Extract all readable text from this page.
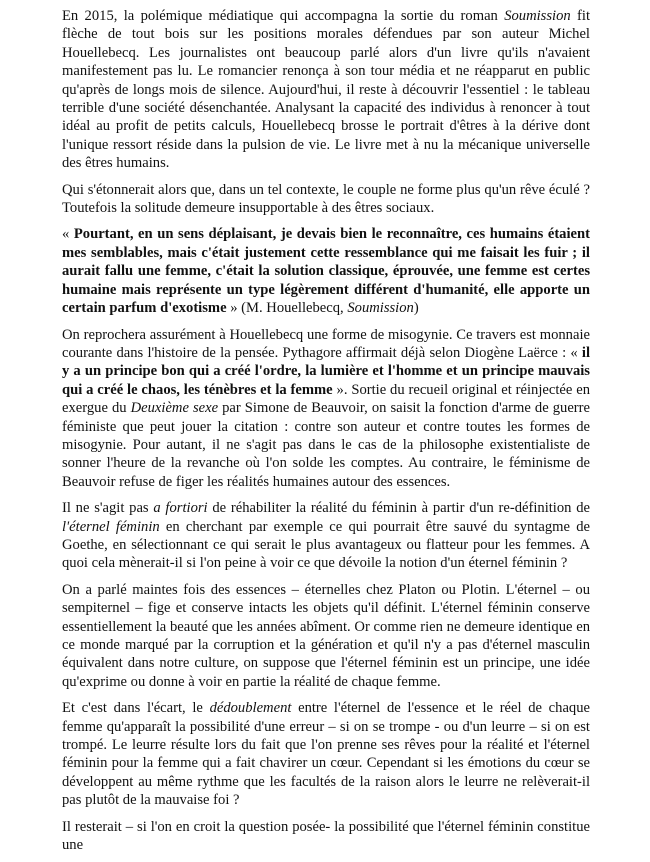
En 2015, la polémique médiatique qui accompagna la sortie du roman Soumission fit flèche de tout bois sur les positions morales défendues par son auteur Michel Houellebecq. Les journalistes ont beaucoup parlé alors d'un livre qu'ils n'avaient manifestement pas lu. Le romancier renonça à son tour média et ne réapparut en public qu'après de longs mois de silence. Aujourd'hui, il reste à découvrir l'essentiel : le tableau terrible d'une société désenchantée. Analysant la capacité des individus à renoncer à tout idéal au profit de petits calculs, Houellebecq brosse le portrait d'êtres à la dérive dont l'unique ressort réside dans la pulsion de vie. Le livre met à nu la mécanique universelle des êtres humains.

Qui s'étonnerait alors que, dans un tel contexte, le couple ne forme plus qu'un rêve éculé ? Toutefois la solitude demeure insupportable à des êtres sociaux.

« Pourtant, en un sens déplaisant, je devais bien le reconnaître, ces humains étaient mes semblables, mais c'était justement cette ressemblance qui me faisait les fuir ; il aurait fallu une femme, c'était la solution classique, éprouvée, une femme est certes humaine mais représente un type légèrement différent d'humanité, elle apporte un certain parfum d'exotisme » (M. Houellebecq, Soumission)

On reprochera assurément à Houellebecq une forme de misogynie. Ce travers est monnaie courante dans l'histoire de la pensée. Pythagore affirmait déjà selon Diogène Laërce : « il y a un principe bon qui a créé l'ordre, la lumière et l'homme et un principe mauvais qui a créé le chaos, les ténèbres et la femme ». Sortie du recueil original et réinjectée en exergue du Deuxième sexe par Simone de Beauvoir, on saisit la fonction d'arme de guerre féministe que peut jouer la citation : contre son auteur et contre toutes les formes de misogynie. Pour autant, il ne s'agit pas dans le cas de la philosophe existentialiste de sonner l'heure de la revanche où l'on solde les comptes. Au contraire, le féminisme de Beauvoir refuse de figer les réalités humaines autour des essences.

Il ne s'agit pas a fortiori de réhabiliter la réalité du féminin à partir d'un re-définition de l'éternel féminin en cherchant par exemple ce qui pourrait être sauvé du syntagme de Goethe, en sélectionnant ce qui serait le plus avantageux ou flatteur pour les femmes. A quoi cela mènerait-il si l'on peine à voir ce que dévoile la notion d'un éternel féminin ?

On a parlé maintes fois des essences – éternelles chez Platon ou Plotin. L'éternel – ou sempiternel – fige et conserve intacts les objets qu'il définit. L'éternel féminin conserve essentiellement la beauté que les années abîment. Or comme rien ne demeure identique en ce monde marqué par la corruption et la génération et qu'il n'y a pas d'éternel masculin équivalent dans notre culture, on suppose que l'éternel féminin est un principe, une idée qu'exprime ou donne à voir en partie la réalité de chaque femme.

Et c'est dans l'écart, le dédoublement entre l'éternel de l'essence et le réel de chaque femme qu'apparaît la possibilité d'une erreur – si on se trompe - ou d'un leurre – si on est trompé. Le leurre résulte lors du fait que l'on prenne ses rêves pour la réalité et l'éternel féminin pour la femme qui a fait chavirer un cœur. Cependant si les émotions du cœur se développent au même rythme que les facultés de la raison alors le leurre ne relèverait-il pas plutôt de la mauvaise foi ?

Il resterait – si l'on en croit la question posée- la possibilité que l'éternel féminin constitue une
